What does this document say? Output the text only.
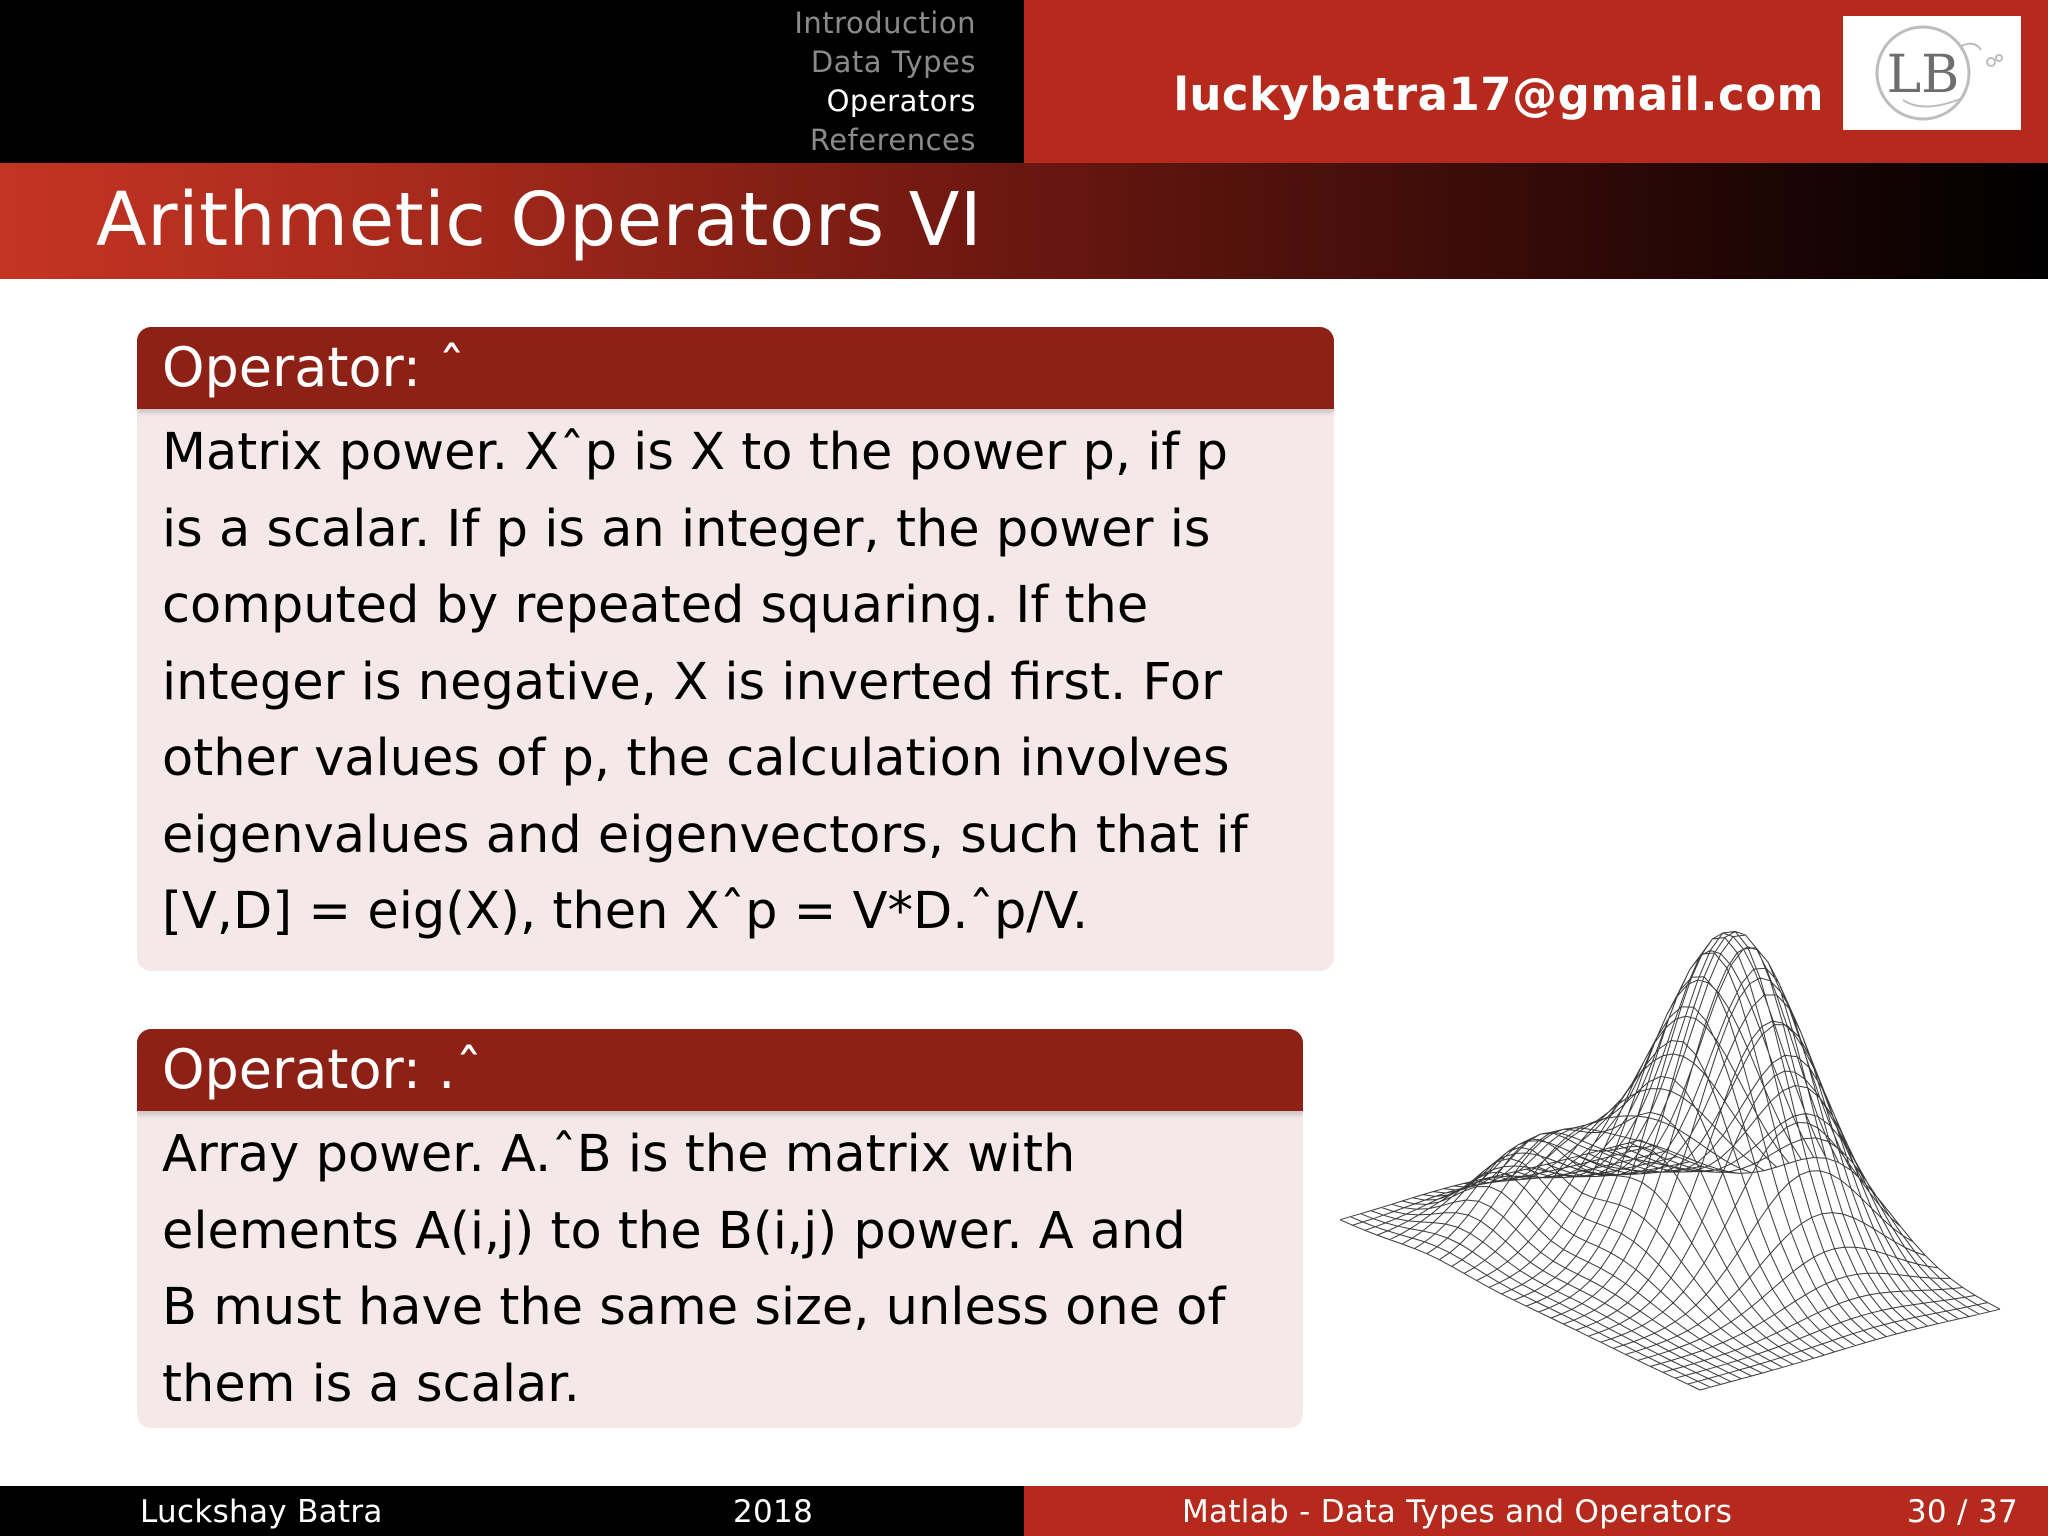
Introduction
Data Types
Operators
References
luckybatra17@gmail.com LB
Arithmetic Operators VI
Operator: ˆ
Matrix power. Xˆp is X to the power p, if p
is a scalar. If p is an integer, the power is
computed by repeated squaring. If the
integer is negative, X is inverted first. For
other values of p, the calculation involves
eigenvalues and eigenvectors, such that if
[V,D] = eig(X), then Xˆp = V*D.ˆp/V.
Operator: .ˆ
Array power. A.ˆB is the matrix with
elements A(i,j) to the B(i,j) power. A and
B must have the same size, unless one of
them is a scalar.
Luckshay Batra	2018	Matlab - Data Types and Operators	30 / 37
